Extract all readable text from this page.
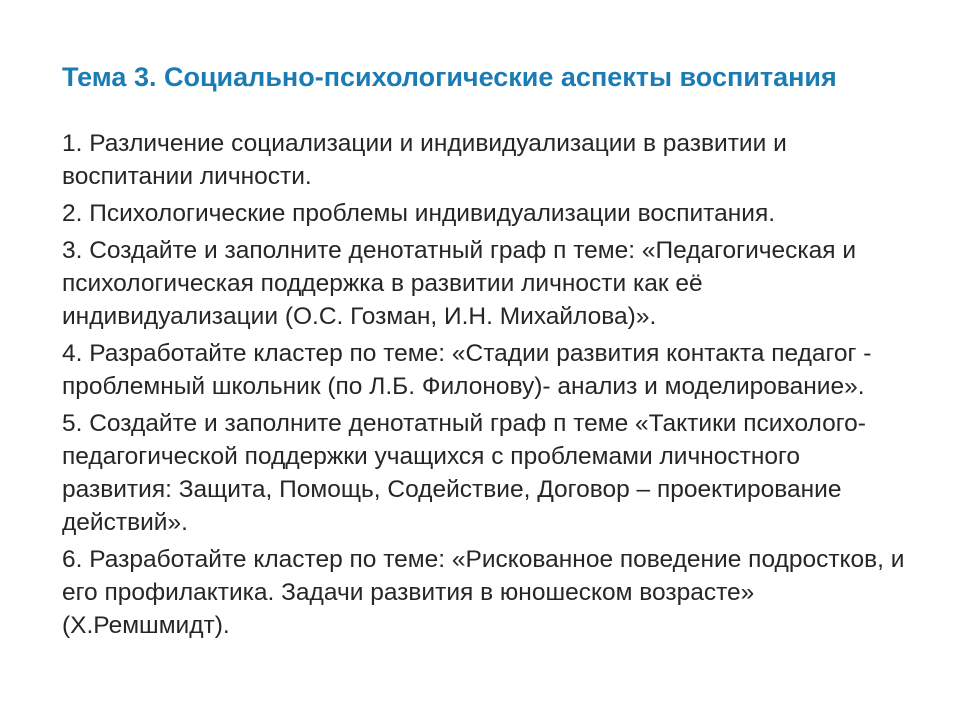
Тема 3. Социально-психологические аспекты воспитания
1. Различение социализации и индивидуализации в развитии и воспитании личности.
2. Психологические проблемы индивидуализации воспитания.
3. Создайте и заполните денотатный граф п теме: «Педагогическая и психологическая поддержка в развитии личности как её индивидуализации (О.С. Гозман, И.Н. Михайлова)».
4. Разработайте кластер по теме: «Стадии развития контакта педагог - проблемный школьник (по Л.Б. Филонову)- анализ и моделирование».
5. Создайте и заполните денотатный граф п теме «Тактики психолого-педагогической поддержки учащихся с проблемами личностного развития: Защита, Помощь, Содействие, Договор – проектирование действий».
6. Разработайте кластер по теме: «Рискованное поведение подростков, и его профилактика. Задачи развития в юношеском возрасте» (Х.Ремшмидт).
